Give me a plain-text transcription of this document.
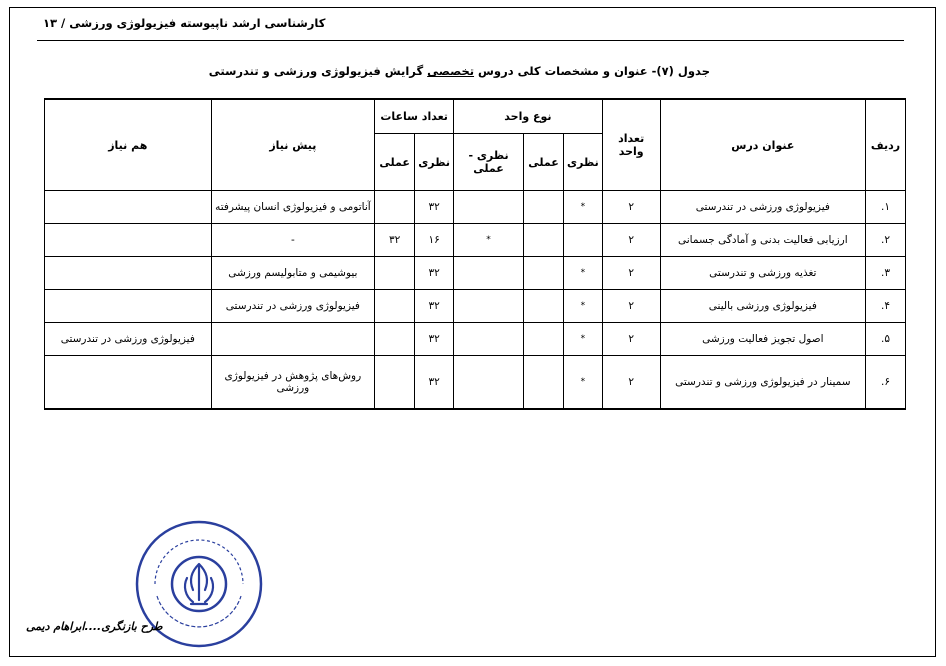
کارشناسی ارشد ناپیوسته فیزیولوژی ورزشی / ۱۳
جدول (۷)- عنوان و مشخصات کلی دروس تخصصی گرایش فیزیولوژی ورزشی و تندرستی
ردیف	عنوان درس	تعداد واحد	نوع واحد			تعداد ساعات		پیش نیاز	هم نیاز
			نظری	عملی	نظری - عملی	نظری	عملی		
۱.	فیزیولوژی ورزشی در تندرستی	۲	*			۳۲		آناتومی و فیزیولوژی انسان پیشرفته	
۲.	ارزیابی فعالیت بدنی و آمادگی جسمانی	۲			*	۱۶	۳۲	-	
۳.	تغذیه ورزشی و تندرستی	۲	*			۳۲		بیوشیمی و متابولیسم ورزشی	
۴.	فیزیولوژی ورزشی بالینی	۲	*			۳۲		فیزیولوژی ورزشی در تندرستی	
۵.	اصول تجویز فعالیت ورزشی	۲	*			۳۲			فیزیولوژی ورزشی در تندرستی
۶.	سمینار در فیزیولوژی ورزشی و تندرستی	۲	*			۳۲		روش‌های پژوهش در فیزیولوژی ورزشی	
طرح بازنگری....ابراهام دیمی
